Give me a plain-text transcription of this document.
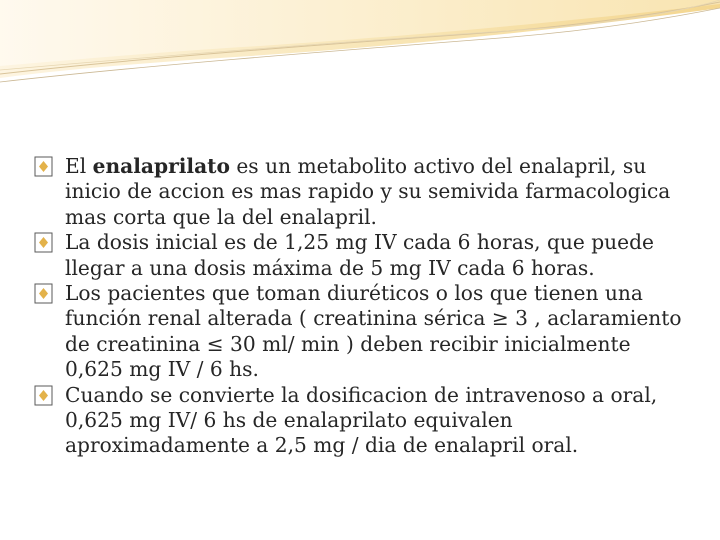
El enalaprilato es un metabolito activo del enalapril, su inicio de accion es mas rapido y su semivida farmacologica mas corta que la del enalapril.

La dosis inicial es de 1,25 mg IV cada 6 horas, que puede llegar a una dosis máxima de 5 mg IV cada 6 horas.

Los pacientes que toman diuréticos o los que tienen una función renal alterada ( creatinina sérica ≥ 3 , aclaramiento de creatinina ≤ 30 ml/ min ) deben recibir inicialmente 0,625 mg IV / 6 hs.

Cuando se convierte la dosificacion de intravenoso a oral, 0,625 mg IV/ 6 hs de enalaprilato equivalen aproximadamente a 2,5 mg / dia de enalapril oral.
